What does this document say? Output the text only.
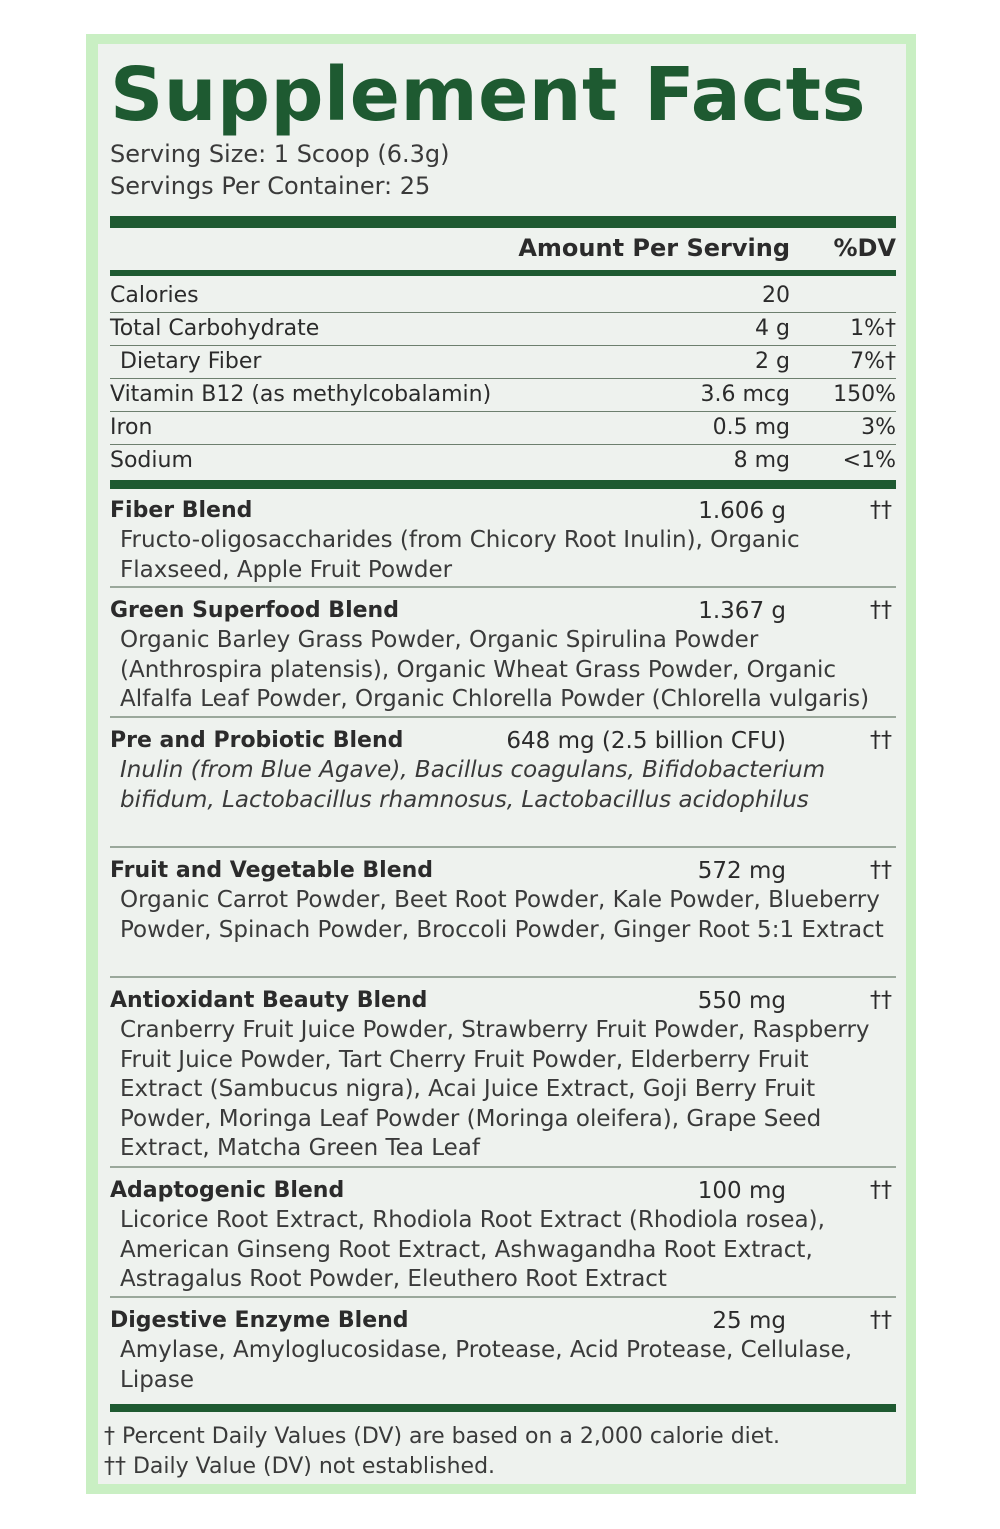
Supplement Facts
Serving Size: 1 Scoop (6.3g)
Servings Per Container: 25
Amount Per Serving %DV
Calories	20
Total Carbohydrate	4 g	1%†
Dietary Fiber	2 g	7%†
Vitamin B12 (as methylcobalamin)	3.6 mcg 150%
Iron	0.5 mg	3%
Sodium	8 mg <1%
Fiber Blend	1.606 g	††
Fructo-oligosaccharides (from Chicory Root Inulin), Organic Flaxseed, Apple Fruit Powder
Green Superfood Blend	1.367 g	††
Organic Barley Grass Powder, Organic Spirulina Powder (Anthrospira platensis), Organic Wheat Grass Powder, Organic Alfalfa Leaf Powder, Organic Chlorella Powder (Chlorella vulgaris)
Pre and Probiotic Blend	648 mg (2.5 billion CFU)	††
Inulin (from Blue Agave), Bacillus coagulans, Bifidobacterium bifidum, Lactobacillus rhamnosus, Lactobacillus acidophilus
Fruit and Vegetable Blend	572 mg	††
Organic Carrot Powder, Beet Root Powder, Kale Powder, Blueberry Powder, Spinach Powder, Broccoli Powder, Ginger Root 5:1 Extract
Antioxidant Beauty Blend	550 mg	††
Cranberry Fruit Juice Powder, Strawberry Fruit Powder, Raspberry Fruit Juice Powder, Tart Cherry Fruit Powder, Elderberry Fruit Extract (Sambucus nigra), Acai Juice Extract, Goji Berry Fruit Powder, Moringa Leaf Powder (Moringa oleifera), Grape Seed Extract, Matcha Green Tea Leaf
Adaptogenic Blend	100 mg	††
Licorice Root Extract, Rhodiola Root Extract (Rhodiola rosea), American Ginseng Root Extract, Ashwagandha Root Extract, Astragalus Root Powder, Eleuthero Root Extract
Digestive Enzyme Blend	25 mg	††
Amylase, Amyloglucosidase, Protease, Acid Protease, Cellulase, Lipase
† Percent Daily Values (DV) are based on a 2,000 calorie diet.
†† Daily Value (DV) not established.
